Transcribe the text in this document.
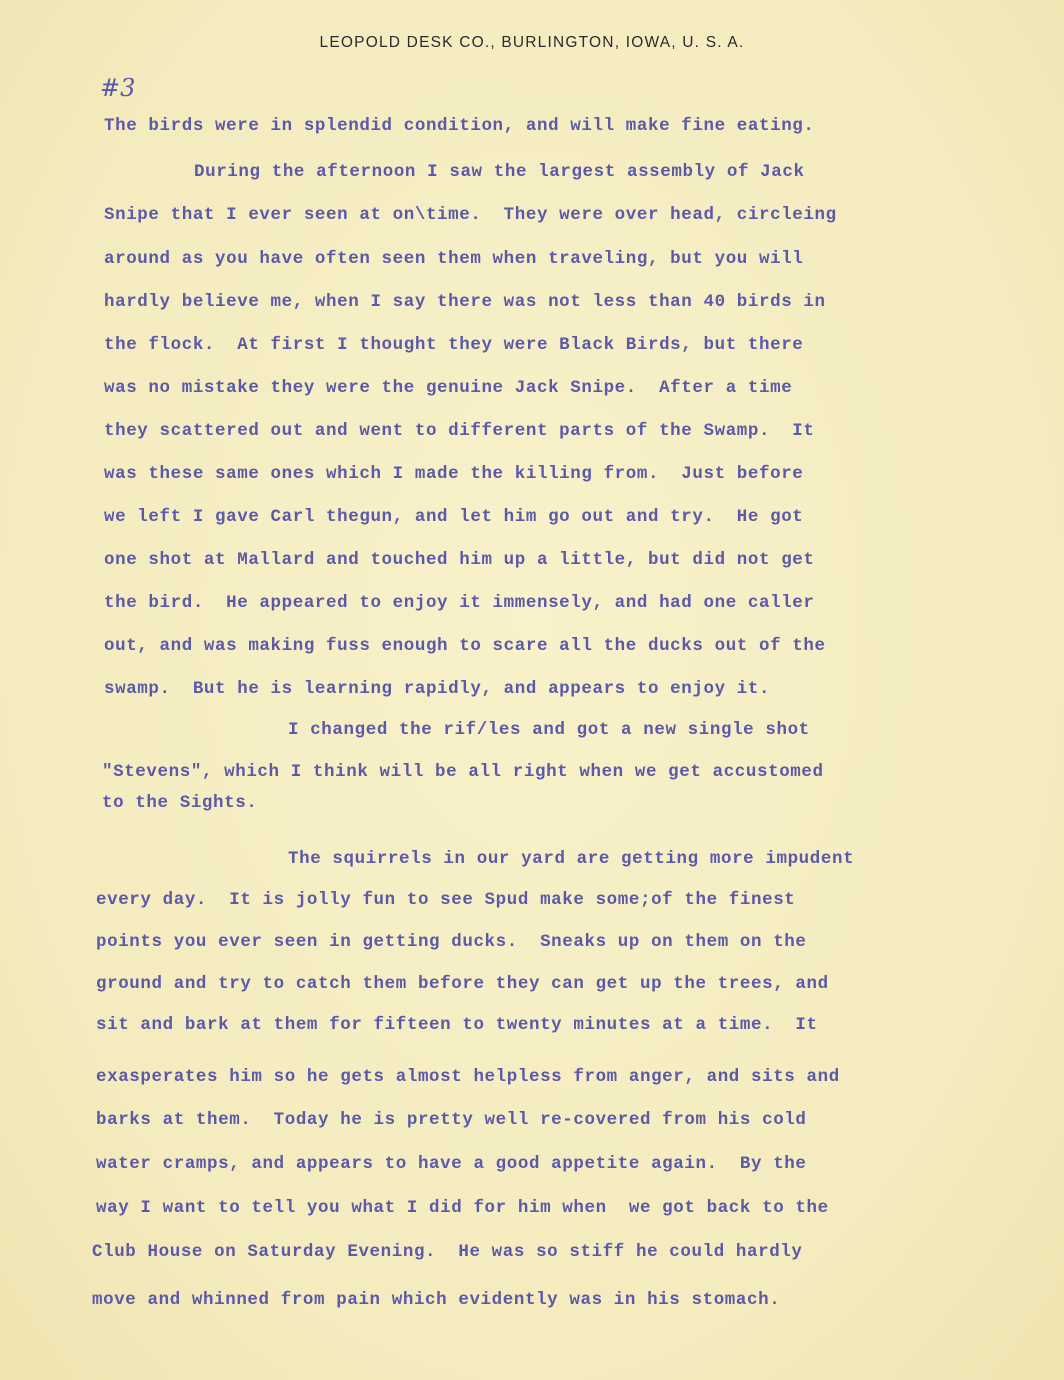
LEOPOLD DESK CO., BURLINGTON, IOWA, U. S. A.
#3
The birds were in splendid condition, and will make fine eating.
During the afternoon I saw the largest assembly of Jack
Snipe that I ever seen at on\time.  They were over head, circleing
around as you have often seen them when traveling, but you will
hardly believe me, when I say there was not less than 40 birds in
the flock.  At first I thought they were Black Birds, but there
was no mistake they were the genuine Jack Snipe.  After a time
they scattered out and went to different parts of the Swamp.  It
was these same ones which I made the killing from.  Just before
we left I gave Carl thegun, and let him go out and try.  He got
one shot at Mallard and touched him up a little, but did not get
the bird.  He appeared to enjoy it immensely, and had one caller
out, and was making fuss enough to scare all the ducks out of the
swamp.  But he is learning rapidly, and appears to enjoy it.
I changed the rif/les and got a new single shot
"Stevens", which I think will be all right when we get accustomed
to the Sights.
The squirrels in our yard are getting more impudent
every day.  It is jolly fun to see Spud make some;of the finest
points you ever seen in getting ducks.  Sneaks up on them on the
ground and try to catch them before they can get up the trees, and
sit and bark at them for fifteen to twenty minutes at a time.  It
exasperates him so he gets almost helpless from anger, and sits and
barks at them.  Today he is pretty well re-covered from his cold
water cramps, and appears to have a good appetite again.  By the
way I want to tell you what I did for him when  we got back to the
Club House on Saturday Evening.  He was so stiff he could hardly
move and whinned from pain which evidently was in his stomach.
